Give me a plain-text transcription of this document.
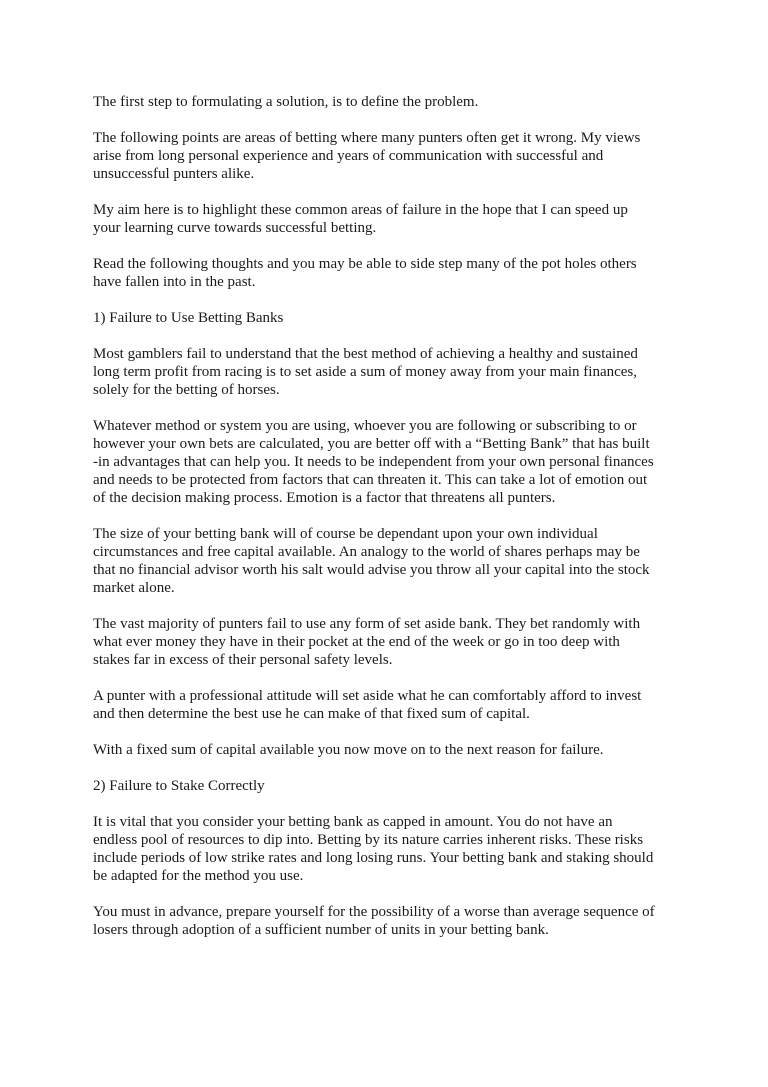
The first step to formulating a solution, is to define the problem.

The following points are areas of betting where many punters often get it wrong. My views
arise from long personal experience and years of communication with successful and
unsuccessful punters alike.

My aim here is to highlight these common areas of failure in the hope that I can speed up
your learning curve towards successful betting.

Read the following thoughts and you may be able to side step many of the pot holes others
have fallen into in the past.

1) Failure to Use Betting Banks

Most gamblers fail to understand that the best method of achieving a healthy and sustained
long term profit from racing is to set aside a sum of money away from your main finances,
solely for the betting of horses.

Whatever method or system you are using, whoever you are following or subscribing to or
however your own bets are calculated, you are better off with a “Betting Bank” that has built
-in advantages that can help you. It needs to be independent from your own personal finances
and needs to be protected from factors that can threaten it. This can take a lot of emotion out
of the decision making process. Emotion is a factor that threatens all punters.

The size of your betting bank will of course be dependant upon your own individual
circumstances and free capital available. An analogy to the world of shares perhaps may be
that no financial advisor worth his salt would advise you throw all your capital into the stock
market alone.

The vast majority of punters fail to use any form of set aside bank. They bet randomly with
what ever money they have in their pocket at the end of the week or go in too deep with
stakes far in excess of their personal safety levels.

A punter with a professional attitude will set aside what he can comfortably afford to invest
and then determine the best use he can make of that fixed sum of capital.

With a fixed sum of capital available you now move on to the next reason for failure.

2) Failure to Stake Correctly

It is vital that you consider your betting bank as capped in amount. You do not have an
endless pool of resources to dip into. Betting by its nature carries inherent risks. These risks
include periods of low strike rates and long losing runs. Your betting bank and staking should
be adapted for the method you use.

You must in advance, prepare yourself for the possibility of a worse than average sequence of
losers through adoption of a sufficient number of units in your betting bank.
